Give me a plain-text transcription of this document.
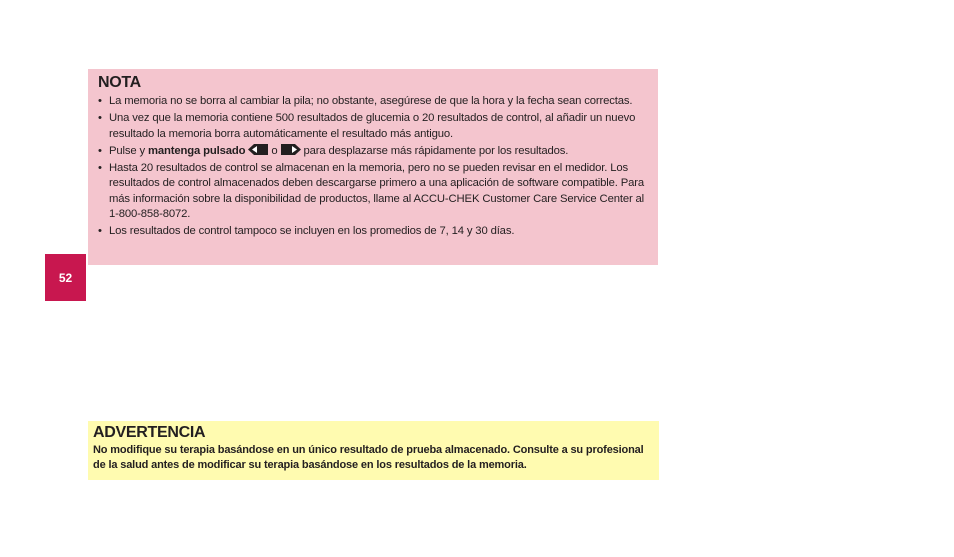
52
NOTA
• La memoria no se borra al cambiar la pila; no obstante, asegúrese de que la hora y la fecha sean correctas.
• Una vez que la memoria contiene 500 resultados de glucemia o 20 resultados de control, al añadir un nuevo resultado la memoria borra automáticamente el resultado más antiguo.
• Pulse y mantenga pulsado o para desplazarse más rápidamente por los resultados.
• Hasta 20 resultados de control se almacenan en la memoria, pero no se pueden revisar en el medidor. Los resultados de control almacenados deben descargarse primero a una aplicación de software compatible. Para más información sobre la disponibilidad de productos, llame al ACCU-CHEK Customer Care Service Center al 1-800-858-8072.
• Los resultados de control tampoco se incluyen en los promedios de 7, 14 y 30 días.
ADVERTENCIA
No modifique su terapia basándose en un único resultado de prueba almacenado. Consulte a su profesional de la salud antes de modificar su terapia basándose en los resultados de la memoria.
